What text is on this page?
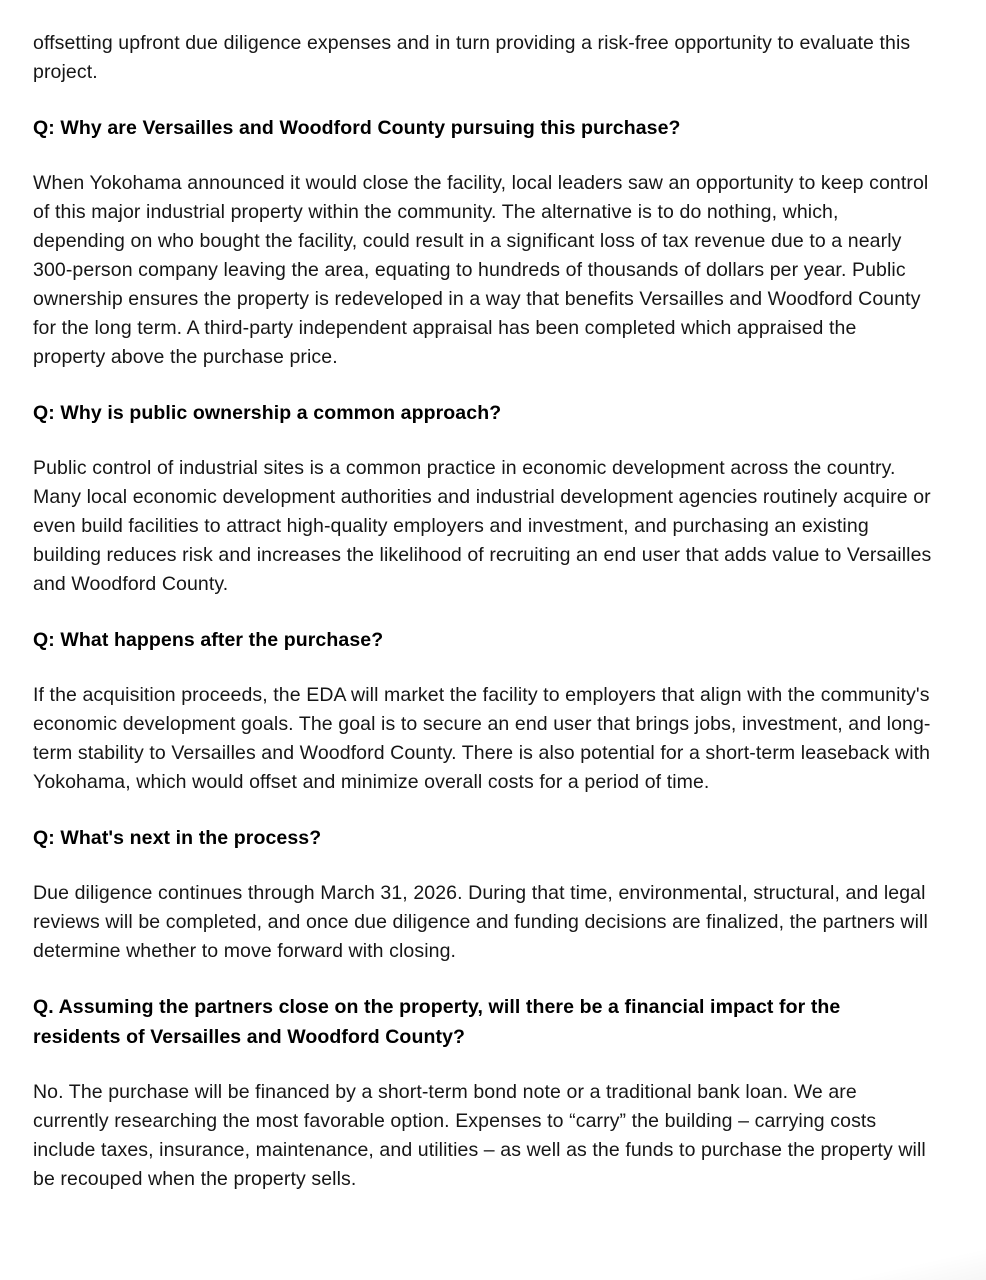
offsetting upfront due diligence expenses and in turn providing a risk-free opportunity to evaluate this project.

Q: Why are Versailles and Woodford County pursuing this purchase?

When Yokohama announced it would close the facility, local leaders saw an opportunity to keep control of this major industrial property within the community. The alternative is to do nothing, which, depending on who bought the facility, could result in a significant loss of tax revenue due to a nearly 300-person company leaving the area, equating to hundreds of thousands of dollars per year. Public ownership ensures the property is redeveloped in a way that benefits Versailles and Woodford County for the long term. A third-party independent appraisal has been completed which appraised the property above the purchase price.

Q: Why is public ownership a common approach?

Public control of industrial sites is a common practice in economic development across the country. Many local economic development authorities and industrial development agencies routinely acquire or even build facilities to attract high-quality employers and investment, and purchasing an existing building reduces risk and increases the likelihood of recruiting an end user that adds value to Versailles and Woodford County.

Q: What happens after the purchase?

If the acquisition proceeds, the EDA will market the facility to employers that align with the community's economic development goals. The goal is to secure an end user that brings jobs, investment, and long-term stability to Versailles and Woodford County. There is also potential for a short-term leaseback with Yokohama, which would offset and minimize overall costs for a period of time.

Q: What's next in the process?

Due diligence continues through March 31, 2026. During that time, environmental, structural, and legal reviews will be completed, and once due diligence and funding decisions are finalized, the partners will determine whether to move forward with closing.

Q. Assuming the partners close on the property, will there be a financial impact for the residents of Versailles and Woodford County?

No. The purchase will be financed by a short-term bond note or a traditional bank loan. We are currently researching the most favorable option. Expenses to “carry” the building – carrying costs include taxes, insurance, maintenance, and utilities – as well as the funds to purchase the property will be recouped when the property sells.
